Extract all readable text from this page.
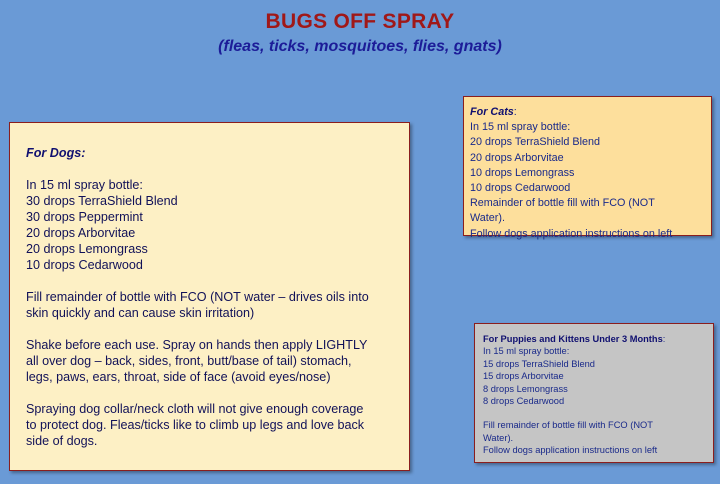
BUGS OFF SPRAY
(fleas, ticks, mosquitoes, flies, gnats)
For Dogs:
In 15 ml spray bottle:
30 drops TerraShield Blend
30 drops Peppermint
20 drops Arborvitae
20 drops Lemongrass
10 drops Cedarwood
Fill remainder of bottle with FCO (NOT water – drives oils into
skin quickly and can cause skin irritation)
Shake before each use. Spray on hands then apply LIGHTLY
all over dog – back, sides, front, butt/base of tail) stomach,
legs, paws, ears, throat, side of face (avoid eyes/nose)
Spraying dog collar/neck cloth will not give enough coverage
to protect dog. Fleas/ticks like to climb up legs and love back
side of dogs.
For Cats:
In 15 ml spray bottle:
20 drops TerraShield Blend
20 drops Arborvitae
10 drops Lemongrass
10 drops Cedarwood
Remainder of bottle fill with FCO (NOT
Water).
Follow dogs application instructions on left
For Puppies and Kittens Under 3 Months:
In 15 ml spray bottle:
15 drops TerraShield Blend
15 drops Arborvitae
8 drops Lemongrass
8 drops Cedarwood
Fill remainder of bottle fill with FCO (NOT
Water).
Follow dogs application instructions on left
